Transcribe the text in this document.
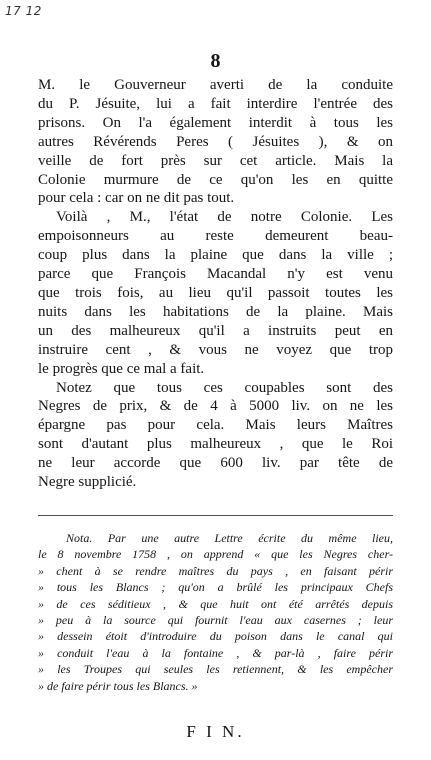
17 12
8
M. le Gouverneur averti de la conduite
du P. Jésuite, lui a fait interdire l'entrée des
prisons. On l'a également interdit à tous les
autres Révérends Peres ( Jésuites ), & on
veille de fort près sur cet article. Mais la
Colonie murmure de ce qu'on les en quitte
pour cela : car on ne dit pas tout.
Voilà , M., l'état de notre Colonie. Les
empoisonneurs au reste demeurent beau-
coup plus dans la plaine que dans la ville ;
parce que François Macandal n'y est venu
que trois fois, au lieu qu'il passoit toutes les
nuits dans les habitations de la plaine. Mais
un des malheureux qu'il a instruits peut en
instruire cent , & vous ne voyez que trop
le progrès que ce mal a fait.
Notez que tous ces coupables sont des
Negres de prix, & de 4 à 5000 liv. on ne les
épargne pas pour cela. Mais leurs Maîtres
sont d'autant plus malheureux , que le Roi
ne leur accorde que 600 liv. par tête de
Negre supplicié.
Nota. Par une autre Lettre écrite du même lieu,
le 8 novembre 1758 , on apprend « que les Negres cher-
» chent à se rendre maîtres du pays , en faisant périr
» tous les Blancs ; qu'on a brûlé les principaux Chefs
» de ces séditieux , & que huit ont été arrêtés depuis
» peu à la source qui fournit l'eau aux casernes ; leur
» dessein étoit d'introduire du poison dans le canal qui
» conduit l'eau à la fontaine , & par-là , faire périr
» les Troupes qui seules les retiennent, & les empêcher
» de faire périr tous les Blancs. »
F I N.
